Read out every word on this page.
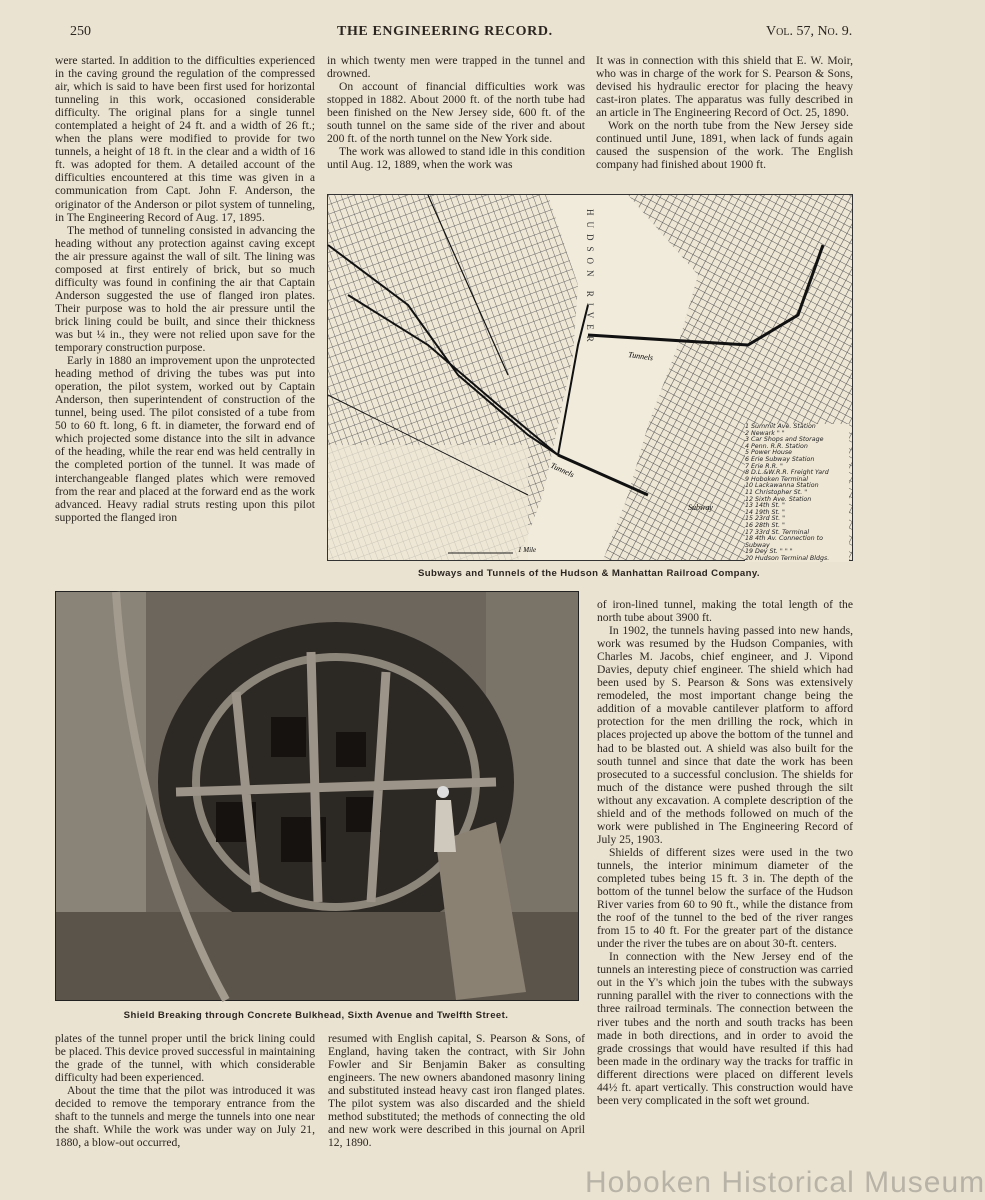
250	THE ENGINEERING RECORD.	Vol. 57, No. 9.

were started. In addition to the difficulties experienced in the caving ground the regulation of the compressed air, which is said to have been first used for horizontal tunneling in this work, occasioned considerable difficulty. The original plans for a single tunnel contemplated a height of 24 ft. and a width of 26 ft.; when the plans were modified to provide for two tunnels, a height of 18 ft. in the clear and a width of 16 ft. was adopted for them. A detailed account of the difficulties encountered at this time was given in a communication from Capt. John F. Anderson, the originator of the Anderson or pilot system of tunneling, in The Engineering Record of Aug. 17, 1895.

The method of tunneling consisted in advancing the heading without any protection against caving except the air pressure against the wall of silt. The lining was composed at first entirely of brick, but so much difficulty was found in confining the air that Captain Anderson suggested the use of flanged iron plates. Their purpose was to hold the air pressure until the brick lining could be built, and since their thickness was but ¼ in., they were not relied upon save for the temporary construction purpose.

Early in 1880 an improvement upon the unprotected heading method of driving the tubes was put into operation, the pilot system, worked out by Captain Anderson, then superintendent of construction of the tunnel, being used. The pilot consisted of a tube from 50 to 60 ft. long, 6 ft. in diameter, the forward end of which projected some distance into the silt in advance of the heading, while the rear end was held centrally in the completed portion of the tunnel. It was made of interchangeable flanged plates which were removed from the rear and placed at the forward end as the work advanced. Heavy radial struts resting upon this pilot supported the flanged iron

in which twenty men were trapped in the tunnel and drowned.

On account of financial difficulties work was stopped in 1882. About 2000 ft. of the north tube had been finished on the New Jersey side, 600 ft. of the south tunnel on the same side of the river and about 200 ft. of the north tunnel on the New York side.

The work was allowed to stand idle in this condition until Aug. 12, 1889, when the work was

It was in connection with this shield that E. W. Moir, who was in charge of the work for S. Pearson & Sons, devised his hydraulic erector for placing the heavy cast-iron plates. The apparatus was fully described in an article in The Engineering Record of Oct. 25, 1890.

Work on the north tube from the New Jersey side continued until June, 1891, when lack of funds again caused the suspension of the work. The English company had finished about 1900 ft.

Tunnels
Tunnels
Subway
1 Mile
HUDSON RIVER
1 Summit Ave. Station
2 Newark " "
3 Car Shops and Storage
4 Penn. R.R. Station
5 Power House
6 Erie Subway Station
7 Erie R.R. "
8 D.L.&W.R.R. Freight Yard
9 Hoboken Terminal
10 Lackawanna Station
11 Christopher St. "
12 Sixth Ave. Station
13 14th St. "
14 19th St. "
15 23rd St. "
16 28th St. "
17 33rd St. Terminal
18 4th Av. Connection to Subway
19 Dey St. " " "
20 Hudson Terminal Bldgs.
Subways and Tunnels of the Hudson & Manhattan Railroad Company.
Shield Breaking through Concrete Bulkhead, Sixth Avenue and Twelfth Street.

of iron-lined tunnel, making the total length of the north tube about 3900 ft.

In 1902, the tunnels having passed into new hands, work was resumed by the Hudson Companies, with Charles M. Jacobs, chief engineer, and J. Vipond Davies, deputy chief engineer. The shield which had been used by S. Pearson & Sons was extensively remodeled, the most important change being the addition of a movable cantilever platform to afford protection for the men drilling the rock, which in places projected up above the bottom of the tunnel and had to be blasted out. A shield was also built for the south tunnel and since that date the work has been prosecuted to a successful conclusion. The shields for much of the distance were pushed through the silt without any excavation. A complete description of the shield and of the methods followed on much of the work were published in The Engineering Record of July 25, 1903.

Shields of different sizes were used in the two tunnels, the interior minimum diameter of the completed tubes being 15 ft. 3 in. The depth of the bottom of the tunnel below the surface of the Hudson River varies from 60 to 90 ft., while the distance from the roof of the tunnel to the bed of the river ranges from 15 to 40 ft. For the greater part of the distance under the river the tubes are on about 30-ft. centers.

In connection with the New Jersey end of the tunnels an interesting piece of construction was carried out in the Y's which join the tubes with the subways running parallel with the river to connections with the three railroad terminals. The connection between the river tubes and the north and south tracks has been made in both directions, and in order to avoid the grade crossings that would have resulted if this had been made in the ordinary way the tracks for traffic in different directions were placed on different levels 44½ ft. apart vertically. This construction would have been very complicated in the soft wet ground.

plates of the tunnel proper until the brick lining could be placed. This device proved successful in maintaining the grade of the tunnel, with which considerable difficulty had been experienced.

About the time that the pilot was introduced it was decided to remove the temporary entrance from the shaft to the tunnels and merge the tunnels into one near the shaft. While the work was under way on July 21, 1880, a blow-out occurred,

resumed with English capital, S. Pearson & Sons, of England, having taken the contract, with Sir John Fowler and Sir Benjamin Baker as consulting engineers. The new owners abandoned masonry lining and substituted instead heavy cast iron flanged plates. The pilot system was also discarded and the shield method substituted; the methods of connecting the old and new work were described in this journal on April 12, 1890.

Hoboken Historical Museum
